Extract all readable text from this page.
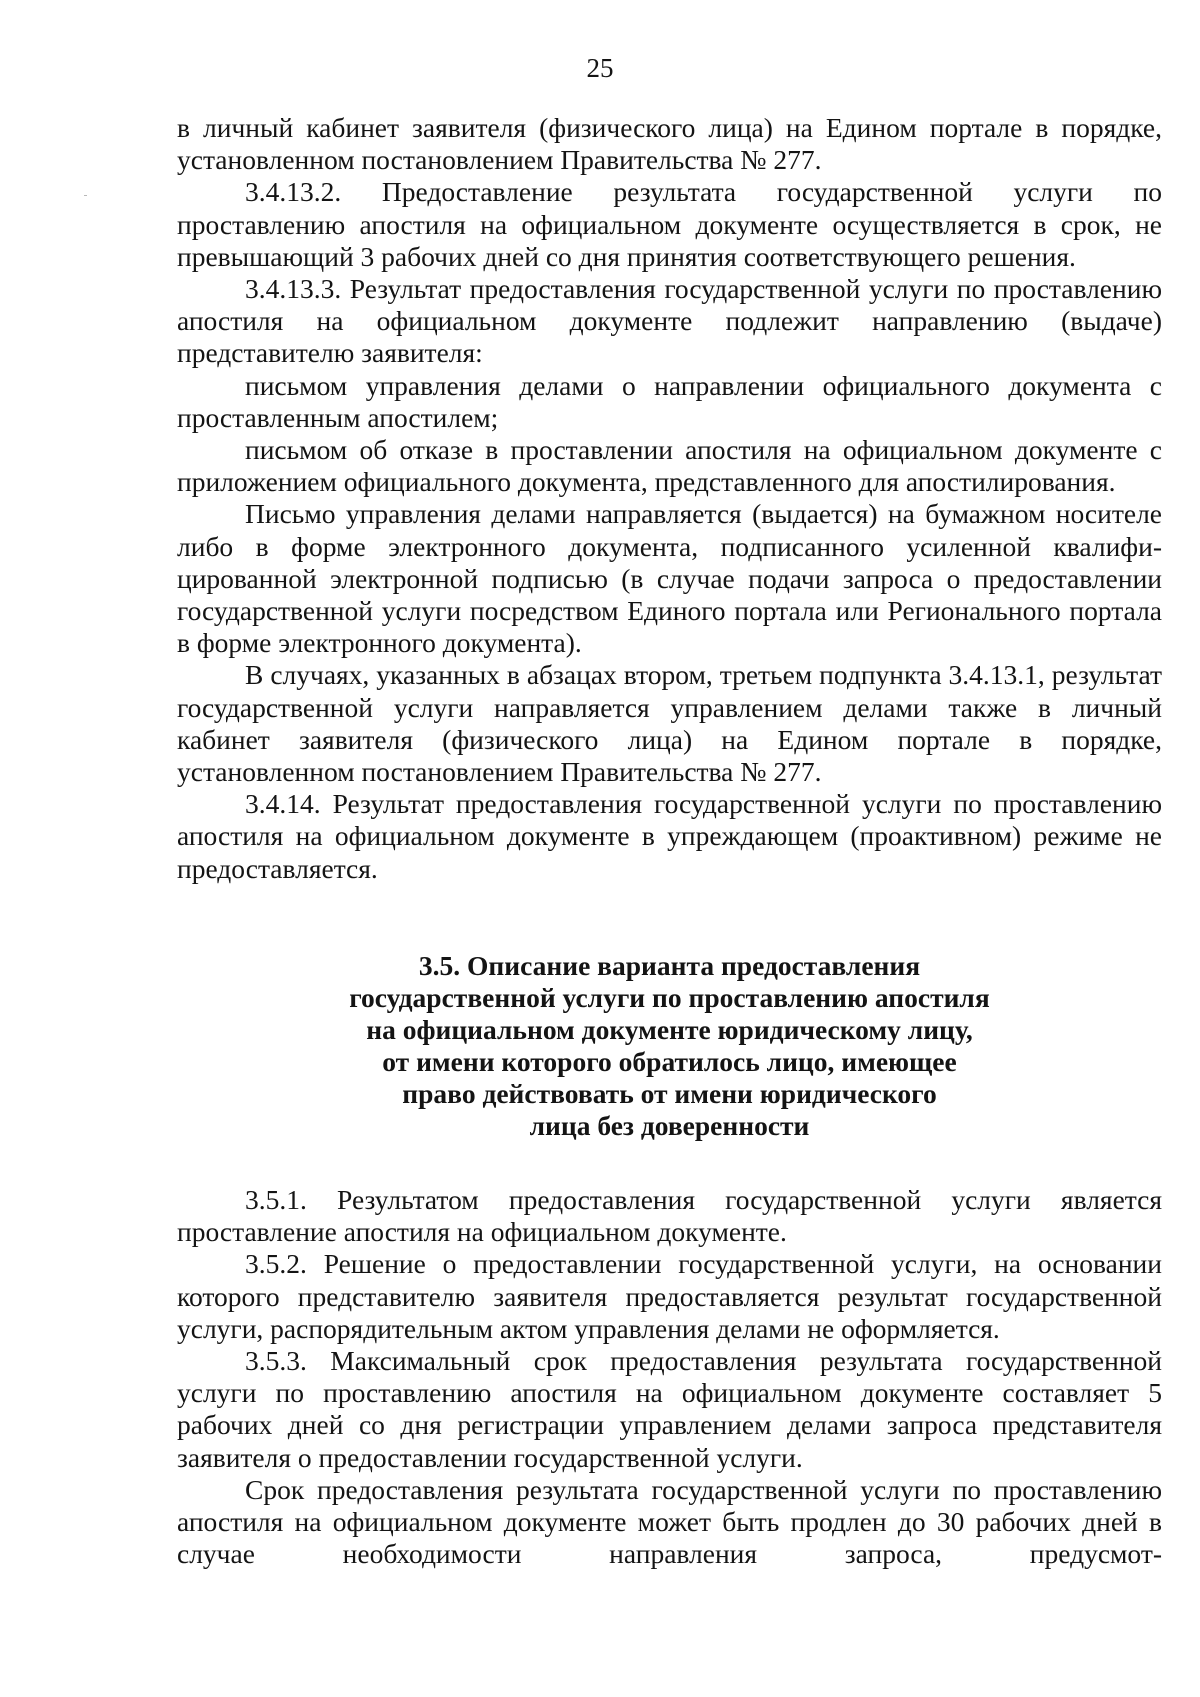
25

в личный кабинет заявителя (физического лица) на Едином портале в порядке, установленном постановлением Правительства № 277.

3.4.13.2. Предоставление результата государственной услуги по проставлению апостиля на официальном документе осуществляется в срок, не превышающий 3 рабочих дней со дня принятия соответствующего решения.

3.4.13.3. Результат предоставления государственной услуги по проставлению апостиля на официальном документе подлежит направлению (выдаче) представителю заявителя:

письмом управления делами о направлении официального документа с проставленным апостилем;

письмом об отказе в проставлении апостиля на официальном документе с приложением официального документа, представленного для апостилирования.

Письмо управления делами направляется (выдается) на бумажном носителе либо в форме электронного документа, подписанного усиленной квалифицированной электронной подписью (в случае подачи запроса о предоставлении государственной услуги посредством Единого портала или Регионального портала в форме электронного документа).

В случаях, указанных в абзацах втором, третьем подпункта 3.4.13.1, результат государственной услуги направляется управлением делами также в личный кабинет заявителя (физического лица) на Едином портале в порядке, установленном постановлением Правительства № 277.

3.4.14. Результат предоставления государственной услуги по проставлению апостиля на официальном документе в упреждающем (проактивном) режиме не предоставляется.

3.5. Описание варианта предоставления
государственной услуги по проставлению апостиля
на официальном документе юридическому лицу,
от имени которого обратилось лицо, имеющее
право действовать от имени юридического
лица без доверенности

3.5.1. Результатом предоставления государственной услуги является проставление апостиля на официальном документе.

3.5.2. Решение о предоставлении государственной услуги, на основании которого представителю заявителя предоставляется результат государственной услуги, распорядительным актом управления делами не оформляется.

3.5.3. Максимальный срок предоставления результата государственной услуги по проставлению апостиля на официальном документе составляет 5 рабочих дней со дня регистрации управлением делами запроса представителя заявителя о предоставлении государственной услуги.

Срок предоставления результата государственной услуги по проставлению апостиля на официальном документе может быть продлен до 30 рабочих дней в случае необходимости направления запроса, предусмот-
